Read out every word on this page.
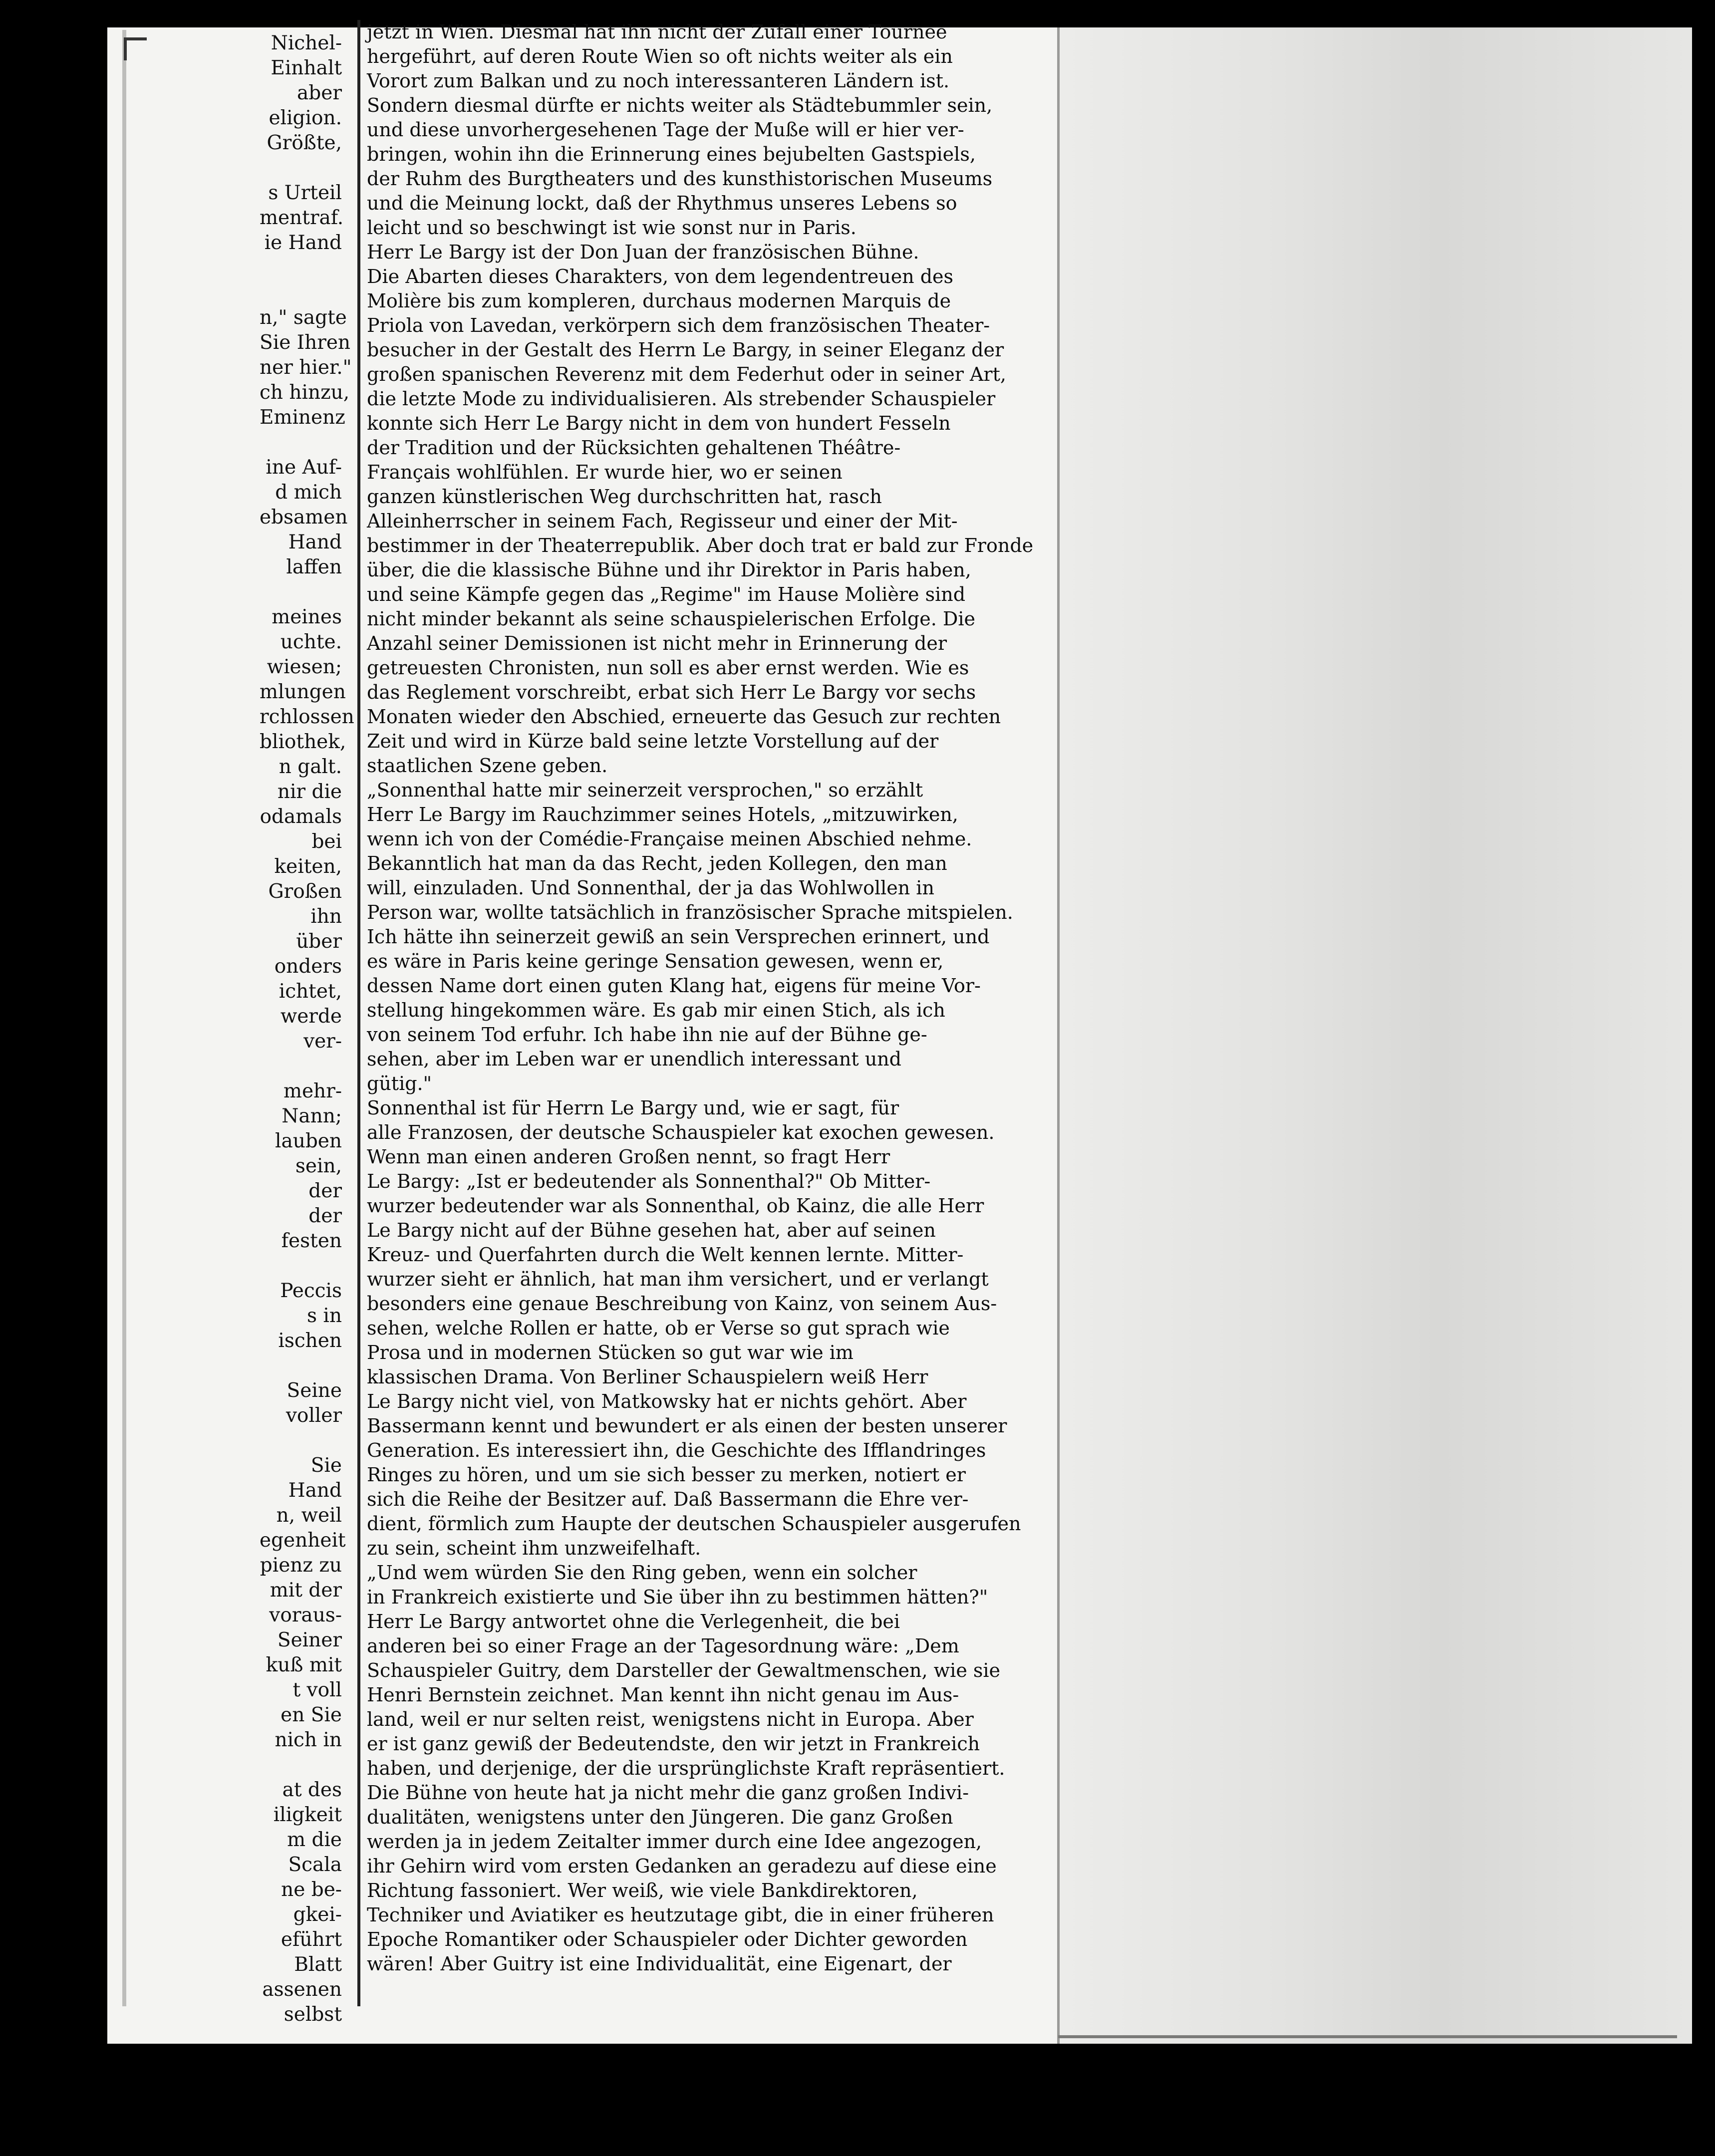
Nichel-
Einhalt
aber
eligion.
Größte,
s Urteil
mentraf.
ie Hand
n," sagte
Sie Ihren
ner hier."
ch hinzu,
Eminenz
ine Auf-
d mich
ebsamen
Hand
laffen
meines
uchte.
wiesen;
mlungen
rchlossen
bliothek,
n galt.
nir die
odamals
bei
keiten,
Großen
ihn
über
onders
ichtet,
werde
ver-
mehr-
Nann;
lauben
sein,
der
der
festen
Peccis
s in
ischen
Seine
voller
Sie
Hand
n, weil
egenheit
pienz zu
mit der
voraus-
Seiner
kuß mit
t voll
en Sie
nich in
at des
iligkeit
m die
Scala
ne be-
gkei-
eführt
Blatt
assenen
selbst
jetzt in Wien. Diesmal hat ihn nicht der Zufall einer Tournee
hergeführt, auf deren Route Wien so oft nichts weiter als ein
Vorort zum Balkan und zu noch interessanteren Ländern ist.
Sondern diesmal dürfte er nichts weiter als Städtebummler sein,
und diese unvorhergesehenen Tage der Muße will er hier ver-
bringen, wohin ihn die Erinnerung eines bejubelten Gastspiels,
der Ruhm des Burgtheaters und des kunsthistorischen Museums
und die Meinung lockt, daß der Rhythmus unseres Lebens so
leicht und so beschwingt ist wie sonst nur in Paris.
Herr Le Bargy ist der Don Juan der französischen Bühne.
Die Abarten dieses Charakters, von dem legendentreuen des
Molière bis zum kompleren, durchaus modernen Marquis de
Priola von Lavedan, verkörpern sich dem französischen Theater-
besucher in der Gestalt des Herrn Le Bargy, in seiner Eleganz der
großen spanischen Reverenz mit dem Federhut oder in seiner Art,
die letzte Mode zu individualisieren. Als strebender Schauspieler
konnte sich Herr Le Bargy nicht in dem von hundert Fesseln
der Tradition und der Rücksichten gehaltenen Théâtre-
Français wohlfühlen. Er wurde hier, wo er seinen
ganzen künstlerischen Weg durchschritten hat, rasch
Alleinherrscher in seinem Fach, Regisseur und einer der Mit-
bestimmer in der Theaterrepublik. Aber doch trat er bald zur Fronde
über, die die klassische Bühne und ihr Direktor in Paris haben,
und seine Kämpfe gegen das „Regime" im Hause Molière sind
nicht minder bekannt als seine schauspielerischen Erfolge. Die
Anzahl seiner Demissionen ist nicht mehr in Erinnerung der
getreuesten Chronisten, nun soll es aber ernst werden. Wie es
das Reglement vorschreibt, erbat sich Herr Le Bargy vor sechs
Monaten wieder den Abschied, erneuerte das Gesuch zur rechten
Zeit und wird in Kürze bald seine letzte Vorstellung auf der
staatlichen Szene geben.
„Sonnenthal hatte mir seinerzeit versprochen," so erzählt
Herr Le Bargy im Rauchzimmer seines Hotels, „mitzuwirken,
wenn ich von der Comédie-Française meinen Abschied nehme.
Bekanntlich hat man da das Recht, jeden Kollegen, den man
will, einzuladen. Und Sonnenthal, der ja das Wohlwollen in
Person war, wollte tatsächlich in französischer Sprache mitspielen.
Ich hätte ihn seinerzeit gewiß an sein Versprechen erinnert, und
es wäre in Paris keine geringe Sensation gewesen, wenn er,
dessen Name dort einen guten Klang hat, eigens für meine Vor-
stellung hingekommen wäre. Es gab mir einen Stich, als ich
von seinem Tod erfuhr. Ich habe ihn nie auf der Bühne ge-
sehen, aber im Leben war er unendlich interessant und
gütig."
Sonnenthal ist für Herrn Le Bargy und, wie er sagt, für
alle Franzosen, der deutsche Schauspieler kat exochen gewesen.
Wenn man einen anderen Großen nennt, so fragt Herr
Le Bargy: „Ist er bedeutender als Sonnenthal?" Ob Mitter-
wurzer bedeutender war als Sonnenthal, ob Kainz, die alle Herr
Le Bargy nicht auf der Bühne gesehen hat, aber auf seinen
Kreuz- und Querfahrten durch die Welt kennen lernte. Mitter-
wurzer sieht er ähnlich, hat man ihm versichert, und er verlangt
besonders eine genaue Beschreibung von Kainz, von seinem Aus-
sehen, welche Rollen er hatte, ob er Verse so gut sprach wie
Prosa und in modernen Stücken so gut war wie im
klassischen Drama. Von Berliner Schauspielern weiß Herr
Le Bargy nicht viel, von Matkowsky hat er nichts gehört. Aber
Bassermann kennt und bewundert er als einen der besten unserer
Generation. Es interessiert ihn, die Geschichte des Ifflandringes
Ringes zu hören, und um sie sich besser zu merken, notiert er
sich die Reihe der Besitzer auf. Daß Bassermann die Ehre ver-
dient, förmlich zum Haupte der deutschen Schauspieler ausgerufen
zu sein, scheint ihm unzweifelhaft.
„Und wem würden Sie den Ring geben, wenn ein solcher
in Frankreich existierte und Sie über ihn zu bestimmen hätten?"
Herr Le Bargy antwortet ohne die Verlegenheit, die bei
anderen bei so einer Frage an der Tagesordnung wäre: „Dem
Schauspieler Guitry, dem Darsteller der Gewaltmenschen, wie sie
Henri Bernstein zeichnet. Man kennt ihn nicht genau im Aus-
land, weil er nur selten reist, wenigstens nicht in Europa. Aber
er ist ganz gewiß der Bedeutendste, den wir jetzt in Frankreich
haben, und derjenige, der die ursprünglichste Kraft repräsentiert.
Die Bühne von heute hat ja nicht mehr die ganz großen Indivi-
dualitäten, wenigstens unter den Jüngeren. Die ganz Großen
werden ja in jedem Zeitalter immer durch eine Idee angezogen,
ihr Gehirn wird vom ersten Gedanken an geradezu auf diese eine
Richtung fassoniert. Wer weiß, wie viele Bankdirektoren,
Techniker und Aviatiker es heutzutage gibt, die in einer früheren
Epoche Romantiker oder Schauspieler oder Dichter geworden
wären! Aber Guitry ist eine Individualität, eine Eigenart, der
